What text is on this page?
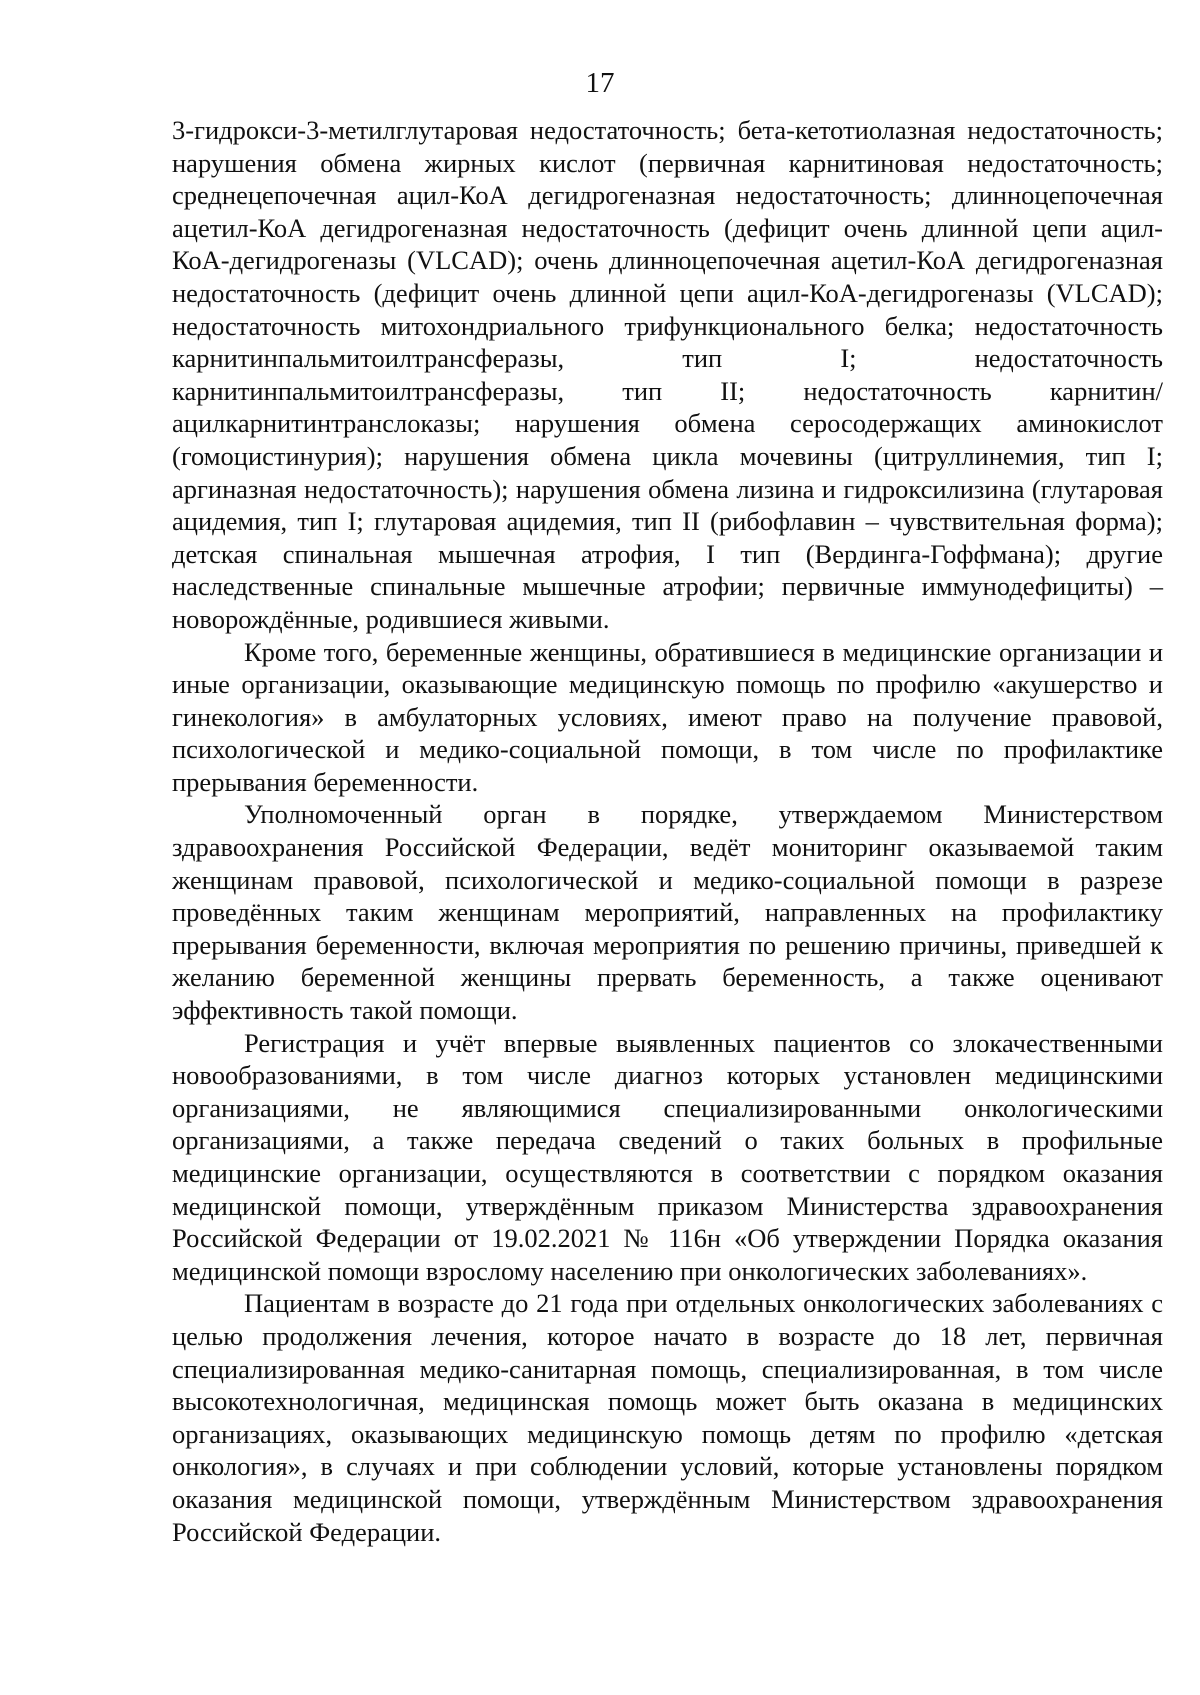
17

3-гидрокси-3-метилглутаровая недостаточность; бета-кетотиолазная недостаточность; нарушения обмена жирных кислот (первичная карнитиновая недостаточность; среднецепочечная ацил-КоА дегидрогеназная недостаточность; длинноцепочечная ацетил-КоА дегидрогеназная недостаточность (дефицит очень длинной цепи ацил-КоА-дегидрогеназы (VLCAD); очень длинноцепочечная ацетил-КоА дегидрогеназная недостаточность (дефицит очень длинной цепи ацил-КоА-дегидрогеназы (VLCAD); недостаточность митохондриального трифункционального белка; недостаточность карнитинпальмитоилтрансферазы, тип I; недостаточность карнитинпальмитоилтрансферазы, тип II; недостаточность карнитин/ацилкарнитинтранслоказы; нарушения обмена серосодержащих аминокислот (гомоцистинурия); нарушения обмена цикла мочевины (цитруллинемия, тип I; аргиназная недостаточность); нарушения обмена лизина и гидроксилизина (глутаровая ацидемия, тип I; глутаровая ацидемия, тип II (рибофлавин – чувствительная форма); детская спинальная мышечная атрофия, I тип (Вердинга-Гоффмана); другие наследственные спинальные мышечные атрофии; первичные иммунодефициты) – новорождённые, родившиеся живыми.

Кроме того, беременные женщины, обратившиеся в медицинские организации и иные организации, оказывающие медицинскую помощь по профилю «акушерство и гинекология» в амбулаторных условиях, имеют право на получение правовой, психологической и медико-социальной помощи, в том числе по профилактике прерывания беременности.

Уполномоченный орган в порядке, утверждаемом Министерством здравоохранения Российской Федерации, ведёт мониторинг оказываемой таким женщинам правовой, психологической и медико-социальной помощи в разрезе проведённых таким женщинам мероприятий, направленных на профилактику прерывания беременности, включая мероприятия по решению причины, приведшей к желанию беременной женщины прервать беременность, а также оценивают эффективность такой помощи.

Регистрация и учёт впервые выявленных пациентов со злокачественными новообразованиями, в том числе диагноз которых установлен медицинскими организациями, не являющимися специализированными онкологическими организациями, а также передача сведений о таких больных в профильные медицинские организации, осуществляются в соответствии с порядком оказания медицинской помощи, утверждённым приказом Министерства здравоохранения Российской Федерации от 19.02.2021 № 116н «Об утверждении Порядка оказания медицинской помощи взрослому населению при онкологических заболеваниях».

Пациентам в возрасте до 21 года при отдельных онкологических заболеваниях с целью продолжения лечения, которое начато в возрасте до 18 лет, первичная специализированная медико-санитарная помощь, специализированная, в том числе высокотехнологичная, медицинская помощь может быть оказана в медицинских организациях, оказывающих медицинскую помощь детям по профилю «детская онкология», в случаях и при соблюдении условий, которые установлены порядком оказания медицинской помощи, утверждённым Министерством здравоохранения Российской Федерации.
